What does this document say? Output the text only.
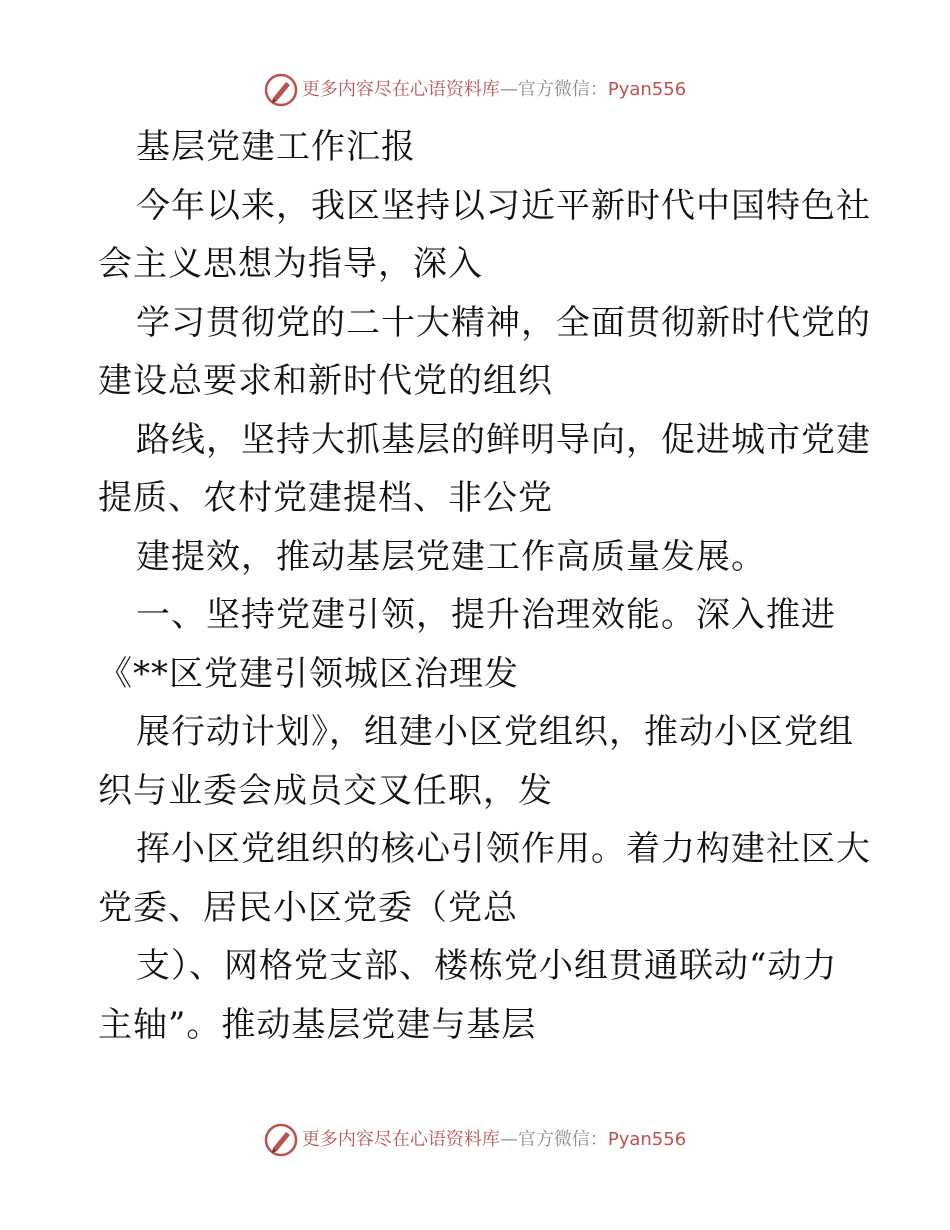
更多内容尽在心语资料库 — 官方微信： Pyan556
基层党建工作汇报
今年以来，我区坚持以习近平新时代中国特色社
会主义思想为指导，深入
学习贯彻党的二十大精神，全面贯彻新时代党的
建设总要求和新时代党的组织
路线，坚持大抓基层的鲜明导向，促进城市党建
提质、农村党建提档、非公党
建提效，推动基层党建工作高质量发展。
一、坚持党建引领，提升治理效能。深入推进
《**区党建引领城区治理发
展行动计划》，组建小区党组织，推动小区党组
织与业委会成员交叉任职，发
挥小区党组织的核心引领作用。着力构建社区大
党委、居民小区党委（党总
支）、网格党支部、楼栋党小组贯通联动“动力
主轴”。推动基层党建与基层
更多内容尽在心语资料库 — 官方微信： Pyan556
